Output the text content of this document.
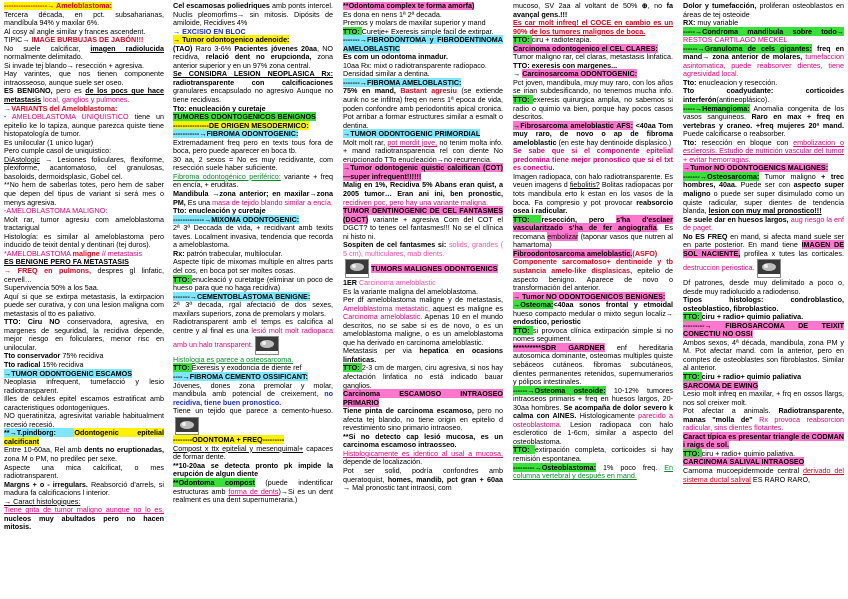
------------------→ Ameloblastoma:

Tercera década, en pct. subsaharianas, mandíbula 94% y maxilar 6%.

Al cosy al angle similar y frances ascendent.

TIPIC→ IMAGE BURBUJAS DE JABÓN!!!

No suele calcificar, imagen radiolucida normalmente delimitado.

Si invade tej blando→ resección + agresiva.

Hay varintes, que nos tienen componente intraosseoso, aunque suele ser oseo.

ES BENIGNO, pero es de los pocs que hace metastasis local, ganglios y pulmones.

→VARIANTS del Ameloblastoma:

- AMELOBLASTOMA UNIQUISTICO tiene un epitelio ke lo tapiza, aunque parezca quiste tiene histopatología de tumor.

Es unilocular (1 unico lugar)

Pero cumple casol de uniquistico:

DiAstologic → Lesiones foliculares, flexiforme, plexiforme, acantomatoso, cel granulosas, basoloids, dermoidsplasic, Gobel cel.

**No hem de saberlas totes, pero hem de saber que depen del tipus de variant si será mes o menys agresiva.

-AMELOBLASTOMA MALIGNO:

Molt rar, tumor agresiu com ameloblastoma tractarigual

Histología: es similar al ameloblastoma pero inducido de teixit dental y dentinari (tej duros).

*AMELOBLASTOMA maligne // metastasis

ES BENIGNE PERO FA METASTASIS

→ FREQ en pulmons, despres gl linfatic, cervell…

Supervivencia 50% a los 5aa.

Aquí si que se extirpa metastasis, la extirpacion puede ser curativa, y con una lesion maligna com metastasis ol tto es paliativo.

TTO: Ciru NO conservadora, agresiva, en margenes de seguridad, la recidiva depende, mejor riesgo en foliculares, menor risc en unilocular.

Tto conservador 75% recidiva

Tto radical 15% recidiva

→TUMOR ODONTOGENIC ESCAMOS

Neoplasia infrequent, tumefacció y lesio radiotransparent.

Illes de celules epitel escamos estratificat amb caracteristiques odontogeniques.

NO queratinitza, agresivitat variable habitualment recesió recesió.

**→T.pindborg: Odontogenic epitelial calcificant

Entre 10-60aa, Rel amb dents no eruptionadas, zona M o PM, no predilec per sexe.

Aspecte una mica calcificat, o mes radiotransparent.

Margns + o - irregulars. Reabsorció d'arrels, si madura fa calcificacions l interior.

→ Caract histologiques:

Tiene grita de tumor maligno aunque no lo es, nucleos muy abultados pero no hacen mitosis.

Cel escamosas poliedriques amb ponts intercel. Nuclis pleomorfims→ sin mitosis. Dipósits de amiloide, Recidives 4%

→ EXCISIO EN BLOC

→ Tumor odontogenico adenoide:

(TAO) Raro 3-6% Pacientes jóvenes 20aa, NO recidiva, relació dent no erupcionda, zona anterior superior y en un 97% zona central.

Se CONSIDRA LESION NEOPLASICA Rx: radiotransparente con calcificaciones granulares encapsulado no agresivo Aunque no tiene recidivas.

Tto: enucleación y curetaje

TUMORES ODONTOGENICOS BENIGNOS

---------------DE ORIGEN MESODERMICO:

-----------→FIBROMA ODONTOGENIC:

Extremadament freq pero en texts tous fora de boca, pero puede aparecer en boca tb.

30 aa, 2 sexos = No es muy recidivante, com resección suele haber suficiente.

Fibroma odontogénico periférico: variante + freq en encía, + eruditas.

Mandibula →zona anterior; en maxilar→zona PM, Es una masa de tejido blando similar a encía.

Tto: enucleación y curetaje

-------------→MIXOMA ODONTOGENIC:

2ª 3ª Deccada de vida, + recidivant amb texits taves. Localment invasiva, tendencia que recorda a ameloblastoma.

Rx: patrón trabecular, multilocular.

Aspecte típic de mixomas multiple en altres parts del cos, en boca pot ser moltes cosas.

TTO: enucleació y curetatge (eliminar un poco de hueso para que no haga recidiva)

-------→CEMENTOBLASTOMA BENIGNE:

2ª 3ª decada, rgal afectació de dos sexes, maxilars superiors, zona de premolars y molars.

Radiotransparent amb el temps es calcifica al centre y al final es una lesió molt molt radiopaca amb un halo transparent.

Histologia es parece a osteosarcoma.

TTO: Exeresis y exodoncia de diente ref

----→FIBROMA CEMENTO OSSIFICANT:

Jóvenes, dones zona premolar y molar, mandibula amb potencial de creixement, no recidiva, tiene buen pronostico.

Tiene un tejido que parece a cemento-hueso.

--------ODONTOMA + FREQ---------

Compost x ttx epitelial y mesenquimal+ capaces de formar dente.

**10-20aa se detecta pronto pk impide la erupción de algun diente

**Odontoma compost (puede indentificar estructuras amb forma de dents)→Si es un dent realment es una dent supernumeraria.)

**Odontoma complex te forma amorfa)

Es dona en nens 1ª 2ª decada.

Premos y molars de maxilar superior y mand

TTO: Curetje+ Exeresis simple facil de extirpar.

-------→FIBRODONTOMA y FIBRODENTINOMA AMELOBLASTIC

Es com un odontoma inmadur.

10aa Rx: mixt o radiotransparente radiopaco.

Densidad similar a dentina.

-------→FIBROMA AMELOBLASTIC:

75% en mand, Bastant agresiu (se extiende aunk no se infiltra) freq en nens 1ª epoca de vida, poden confondre amb periodontitis apical cronica. Pot arribar a formar estructures similar a esmalt o dentina.

→TUMOR ODONTOGENIC PRIMORDIAL

Molt molt rar, pot mordit jove, no tenim molta info. + mand radiotransparencia rel con diente No erupcionado TTo enucleación→no recurrencia.

→Tumor odontogenic quistic calcifican (COT)—super infrequent!!!!!!

Malig en 1%, Recidiva 5% Abans eran quist, a 2005 tumor… Eran ani ini, ben pronostic, recidiven poc, pero hay una variante maligna.

TUMOR DENTINOGENIC DE CEL FANTASMES (DGCT) variante + agresiva Com del COT el DGCT? to tenes cel fantasmes!!! No se el clínica ni histo ni.

Sospiten de cel fantasmes si: solids, grandes ( 5 cm), multiculares, mab dients.

TUMORS MALIGNES ODONTGENICS

1ER Carcinoma ameloblastic

Es la variante maligna del ameloblastoma.

Per df ameloblastoma maligne y de metastasis, Ameloblastoma metastatic, aquest es maligne es Carcinoma ameloblastic. Apenas 10 en el mundo descritos, no se sabe si es de novo, o es un ameloblastoma maligne, o es un ameloblastoma que ha derivado en carcinoma ameloblastic.

Metastasis per via hepatica en ocasions linfaticas.

TTO: 2-3 cm de margen, ciru agresiva, si nos hay afectación linfatica no está indicado bauar ganglios.

Carcinoma ESCAMOSO INTRAOSEO PRIMARIO

Tiene pinta de carcinoma escamoso, pero no afecta tej blando, no tiene origin en epitelio d revestimiento sino primario intraoseo.

**Si no detecto cap lesió mucosa, es un carcinoma escamoso intraosseo.

Histologicamente es identico al usal a mucosa, depende de localización.

Pot ser solid, podría confondres amb queratoquist, homes, mandib, pct gran + 60aa → Mal pronostic tant intraosi, com

mucoso, SV 2aa al voltant de 50% ⊕, no fa avançal gens.!!!

Es car molt infreq! el COCE en cambio es un 90% de los tumores malignos de boca.

TTO: ciru + radioterapia.

Carcinoma odontogenico el CEL CLARES:

Tumor maligno rar, cel claras, metastasis linfatica. TTO: exeresis con margenes...

→ Carcinosarcoma ODONTOGENIC:

Pct joven, mandibula, muy muy raro, con los años se irian subdesificando, no tenemos mucha info. TTO: exeresis quirurgica amplia, no sabemos si radio o quimio va bien, porque hay pocos casos descritos.

→Fibrosarcoma ameloblastic AFS: <40aa Tom muy raro, de novo o ap de fibroma ameloblastic (en este hay dentinoide displasico.)

Se sabe que si el componente epitelial predomina tiene mejor pronostico que si el txt es conectiu.

Imagen radiopaca, con halo radiotransparente. Es veuen imagens d fiebolitis? Bolitas radiopacas por tots mandibula erto k estan en los vasos de la boca. Fa compresio y pot provocar reabsorcio osea i radicular.

TTO: resección, pero s'ha d'esclaer vascularitzado s'ha de fer angiografía. Es recomana embolizar (taponar vasos que nutren al hamartoma)

Fibroodontosarcoma ameloblastic.(ASFO)

Componente sarcomatoso+ dentinoide y tb sustancia amelo-like displasicas, epitelio de aspecto benigno. Aparece de novo o transformación del anterior.

→ Tumor NO ODONTOGENICOS BENIGNES:

→Osteoma:<40aa sonos frontal y etmoidal hueso compacto medular o mixto segun localiz→ endostico, periostic

TTO: si provoca clínica extirpación simple si no nomes seguiment.

**********SDR GARDNER enf hereditaria autosomica dominante, osteomas multiples quiste sebáceos cutáneos. fibromas subcutáneos, dientes permanentes retenidos, supernumerarios y pólipos intestinales.

------→Osteoma osteoide: 10-12% tumores intraoseos primaris + freq en huesos largos, 20-30aa hombres. Se acompaña de dolor severo k calma con AINES. Histologicamente parecido a osteoblastoma. Lesion radiopaca con halo esclerotico de 1-6cm, similar a aspecto del osteoblastoma.

TTO: extirpación completa, corticoides si hay remisión espontanea.

---------→Osteoblastoma: 1% poco freq. En columna vertebral y después en mand.

Dolor y tumefacción, proliferan osteoblastos en áreas de tej osteoide

RX: muy variable

-----→Condroma mandibula sobre todo→ RESTOS CARTILAGO MECKEL

------→Granuloma de cels gigantes: freq en mand→ zona anterior de molares, tumefaccion asintomatica, puede reabsorver dientes, tiene agresividad local.

Tto: enucleacion y resección.

Tto coadyudante: corticoides interferón(antineoplásico).

-----→Hemangioma: Anomalia congenita de los vasos sanguineos. Raro en max + freq en vertebras y craneo. +freq mujeres 20ª mand. Puede calcificarse o reabsorber.

Tto: resección en bloque con embolizacion o esclerosis. Estudio de nutrición vascular del tumor + evitar hemorragias.

→Tumor NO ODONTOGENICS MALIGNES:

-------→Osteosarcoma: Tumor maligno + trec hombres, 40aa. Puede ser con aspecto super maligno o puede ser super disimulado como un quiste radicular, super dientes de tendencia blanda, lesion con muy mal pronostico!!!

Se suele dar en huesos largos, aug riesgo la enf de paget.

No ES FREQ en mand, si afecta mand suele ser en parte posterior. En mand tiene IMAGEN DE SOL NACIENTE, profilea x tutes las corticales. destruccion periostica.

Df patrones, desde muy delimitado a poco o, desde muy radiolucido a radiodenso.

Tipos histologs: condroblastico, osteoblastico, fibroblastico.

TTO: ciru + radio+ quimio paliativa.

---------→ FIBROSARCOMA DE TEIXIT CONECTIU NO OSSI

Ambos sexos, 4ª década, mandibula, zona PM y M. Pot afectar mand. com la anterior, pero en comptes de osteoblastes son fibroblastos. Similar al anterior.

TTO: ciru + radio+ quimio paliativa

SARCOMA DE EWING

Lesio molt infreq en maxilar, + frq en ossos llargs, nos sol creixer molt.

Pot afectar a animals. Radiotransparente, manas "molla de" Rx provoca reabsorcion radicular, sins dientes flotantes.

Caract típica es presentar triangle de CODMAN i raigs de sol.

TTO: ciru + radio+ quimio paliativa.

CARCINOMA SALIVAL INTRAOSEO

Carnoma mucoepidermoide central derivado del sistema ductal salival ES RARO RARO,
